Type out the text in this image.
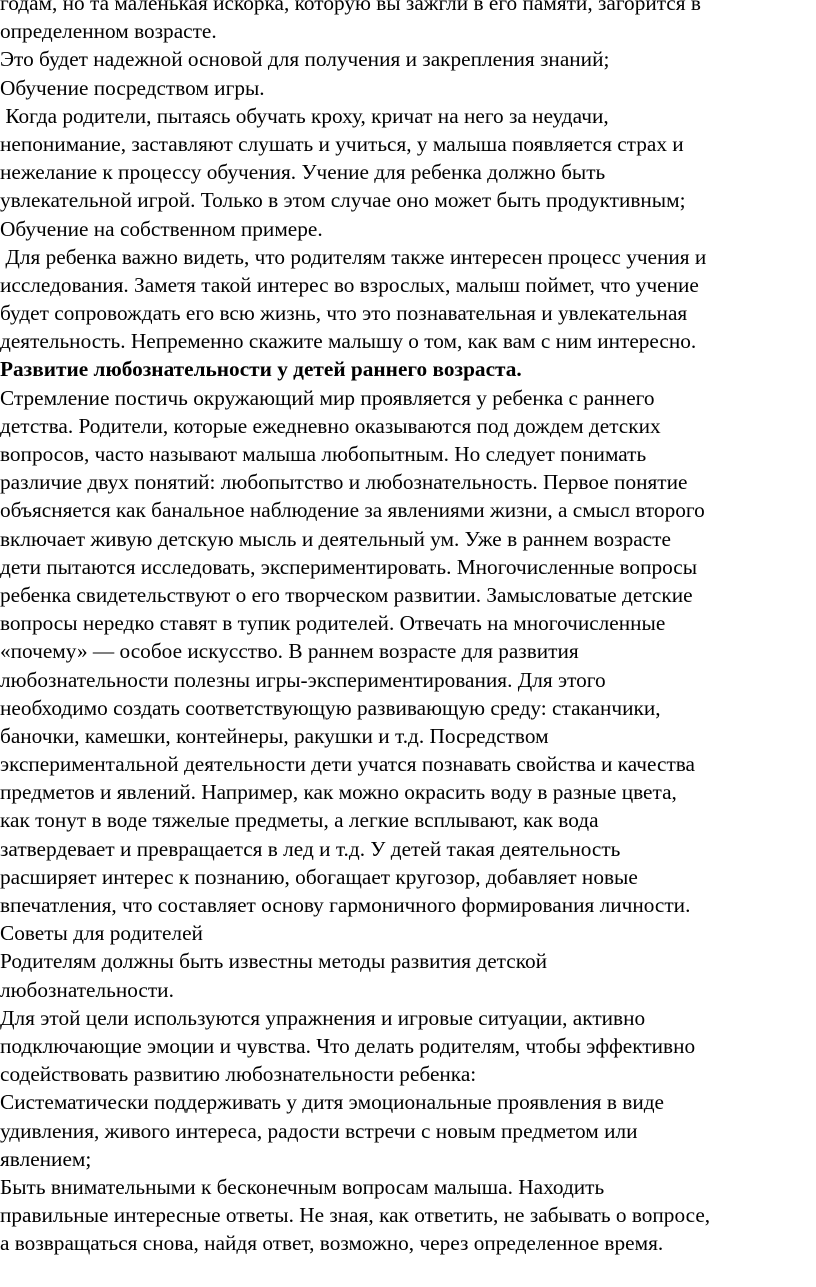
годам, но та маленькая искорка, которую вы зажгли в его памяти, загорится в
определенном возрасте.
Это будет надежной основой для получения и закрепления знаний;
Обучение посредством игры.
Когда родители, пытаясь обучать кроху, кричат на него за неудачи,
непонимание, заставляют слушать и учиться, у малыша появляется страх и
нежелание к процессу обучения. Учение для ребенка должно быть
увлекательной игрой. Только в этом случае оно может быть продуктивным;
Обучение на собственном примере.
Для ребенка важно видеть, что родителям также интересен процесс учения и
исследования. Заметя такой интерес во взрослых, малыш поймет, что учение
будет сопровождать его всю жизнь, что это познавательная и увлекательная
деятельность. Непременно скажите малышу о том, как вам с ним интересно.
Развитие любознательности у детей раннего возраста.
Стремление постичь окружающий мир проявляется у ребенка с раннего
детства. Родители, которые ежедневно оказываются под дождем детских
вопросов, часто называют малыша любопытным. Но следует понимать
различие двух понятий: любопытство и любознательность. Первое понятие
объясняется как банальное наблюдение за явлениями жизни, а смысл второго
включает живую детскую мысль и деятельный ум. Уже в раннем возрасте
дети пытаются исследовать, экспериментировать. Многочисленные вопросы
ребенка свидетельствуют о его творческом развитии. Замысловатые детские
вопросы нередко ставят в тупик родителей. Отвечать на многочисленные
«почему» — особое искусство. В раннем возрасте для развития
любознательности полезны игры-экспериментирования. Для этого
необходимо создать соответствующую развивающую среду: стаканчики,
баночки, камешки, контейнеры, ракушки и т.д. Посредством
экспериментальной деятельности дети учатся познавать свойства и качества
предметов и явлений. Например, как можно окрасить воду в разные цвета,
как тонут в воде тяжелые предметы, а легкие всплывают, как вода
затвердевает и превращается в лед и т.д. У детей такая деятельность
расширяет интерес к познанию, обогащает кругозор, добавляет новые
впечатления, что составляет основу гармоничного формирования личности.
Советы для родителей
Родителям должны быть известны методы развития детской
любознательности.
Для этой цели используются упражнения и игровые ситуации, активно
подключающие эмоции и чувства. Что делать родителям, чтобы эффективно
содействовать развитию любознательности ребенка:
Систематически поддерживать у дитя эмоциональные проявления в виде
удивления, живого интереса, радости встречи с новым предметом или
явлением;
Быть внимательными к бесконечным вопросам малыша. Находить
правильные интересные ответы. Не зная, как ответить, не забывать о вопросе,
а возвращаться снова, найдя ответ, возможно, через определенное время.
